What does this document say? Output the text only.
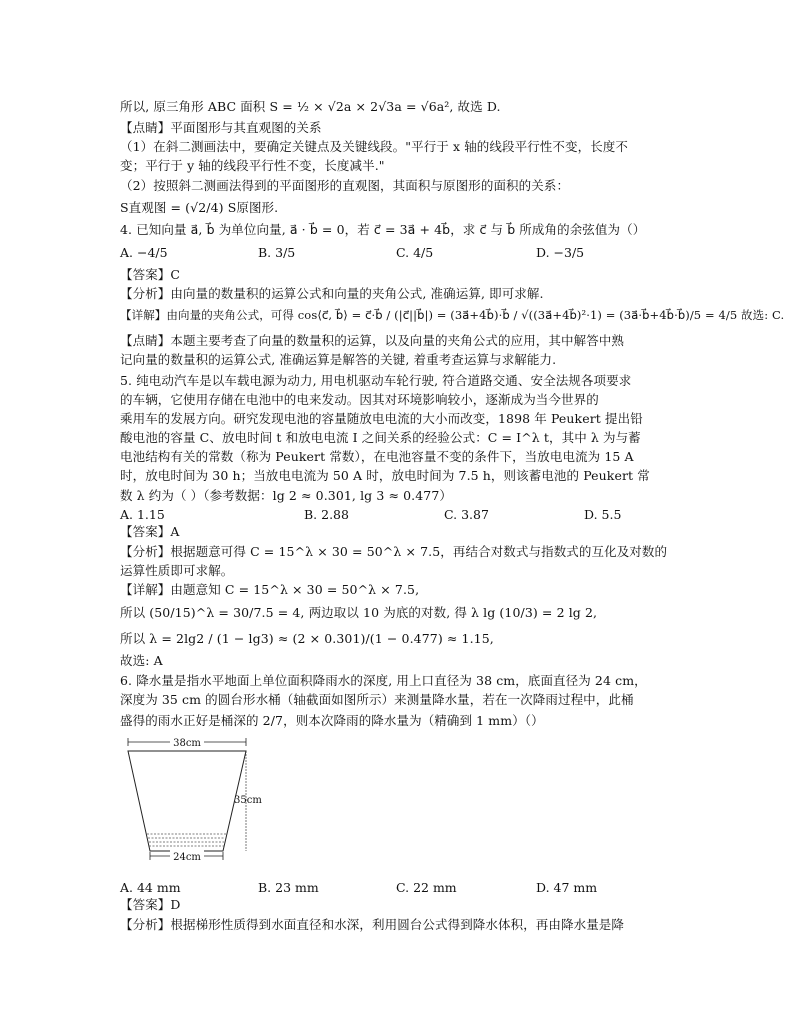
所以, 原三角形 ABC 面积 S = ½ × √2a × 2√3a = √6a², 故选 D.
【点睛】平面图形与其直观图的关系
（1）在斜二测画法中，要确定关键点及关键线段。"平行于 x 轴的线段平行性不变，长度不
变；平行于 y 轴的线段平行性不变，长度减半."
（2）按照斜二测画法得到的平面图形的直观图，其面积与原图形的面积的关系：
S直观图 = (√2/4) S原图形.
4. 已知向量 a⃗, b⃗ 为单位向量, a⃗ · b⃗ = 0，若 c⃗ = 3a⃗ + 4b⃗，求 c⃗ 与 b⃗ 所成角的余弦值为（）
A. −4/5	B. 3/5	C. 4/5	D. −3/5
【答案】C
【分析】由向量的数量积的运算公式和向量的夹角公式, 准确运算, 即可求解.
【详解】由向量的夹角公式，可得 cos⟨c⃗, b⃗⟩ = c⃗·b⃗ / (|c⃗||b⃗|) = (3a⃗+4b⃗)·b⃗ / √((3a⃗+4b⃗)²·1) = (3a⃗·b⃗+4b⃗·b⃗)/5 = 4/5 故选: C.
【点睛】本题主要考查了向量的数量积的运算，以及向量的夹角公式的应用，其中解答中熟
记向量的数量积的运算公式, 准确运算是解答的关键, 着重考查运算与求解能力.
5. 纯电动汽车是以车载电源为动力, 用电机驱动车轮行驶, 符合道路交通、安全法规各项要求
的车辆，它使用存储在电池中的电来发动。因其对环境影响较小，逐渐成为当今世界的
乘用车的发展方向。研究发现电池的容量随放电电流的大小而改变，1898 年 Peukert 提出铅
酸电池的容量 C、放电时间 t 和放电电流 I 之间关系的经验公式：C = I^λ t，其中 λ 为与蓄
电池结构有关的常数（称为 Peukert 常数），在电池容量不变的条件下，当放电电流为 15 A
时，放电时间为 30 h；当放电电流为 50 A 时，放电时间为 7.5 h，则该蓄电池的 Peukert 常
数 λ 约为（ ）（参考数据：lg 2 ≈ 0.301, lg 3 ≈ 0.477）
A. 1.15	B. 2.88	C. 3.87	D. 5.5
【答案】A
【分析】根据题意可得 C = 15^λ × 30 = 50^λ × 7.5，再结合对数式与指数式的互化及对数的
运算性质即可求解。
【详解】由题意知 C = 15^λ × 30 = 50^λ × 7.5,
所以 (50/15)^λ = 30/7.5 = 4, 两边取以 10 为底的对数, 得 λ lg (10/3) = 2 lg 2,
所以 λ = 2lg2 / (1 − lg3) ≈ (2 × 0.301)/(1 − 0.477) ≈ 1.15,
故选: A
6. 降水量是指水平地面上单位面积降雨水的深度, 用上口直径为 38 cm，底面直径为 24 cm，
深度为 35 cm 的圆台形水桶（轴截面如图所示）来测量降水量，若在一次降雨过程中，此桶
盛得的雨水正好是桶深的 2/7，则本次降雨的降水量为（精确到 1 mm）（）
38cm
35cm
24cm
A. 44 mm	B. 23 mm	C. 22 mm	D. 47 mm
【答案】D
【分析】根据梯形性质得到水面直径和水深，利用圆台公式得到降水体积，再由降水量是降
